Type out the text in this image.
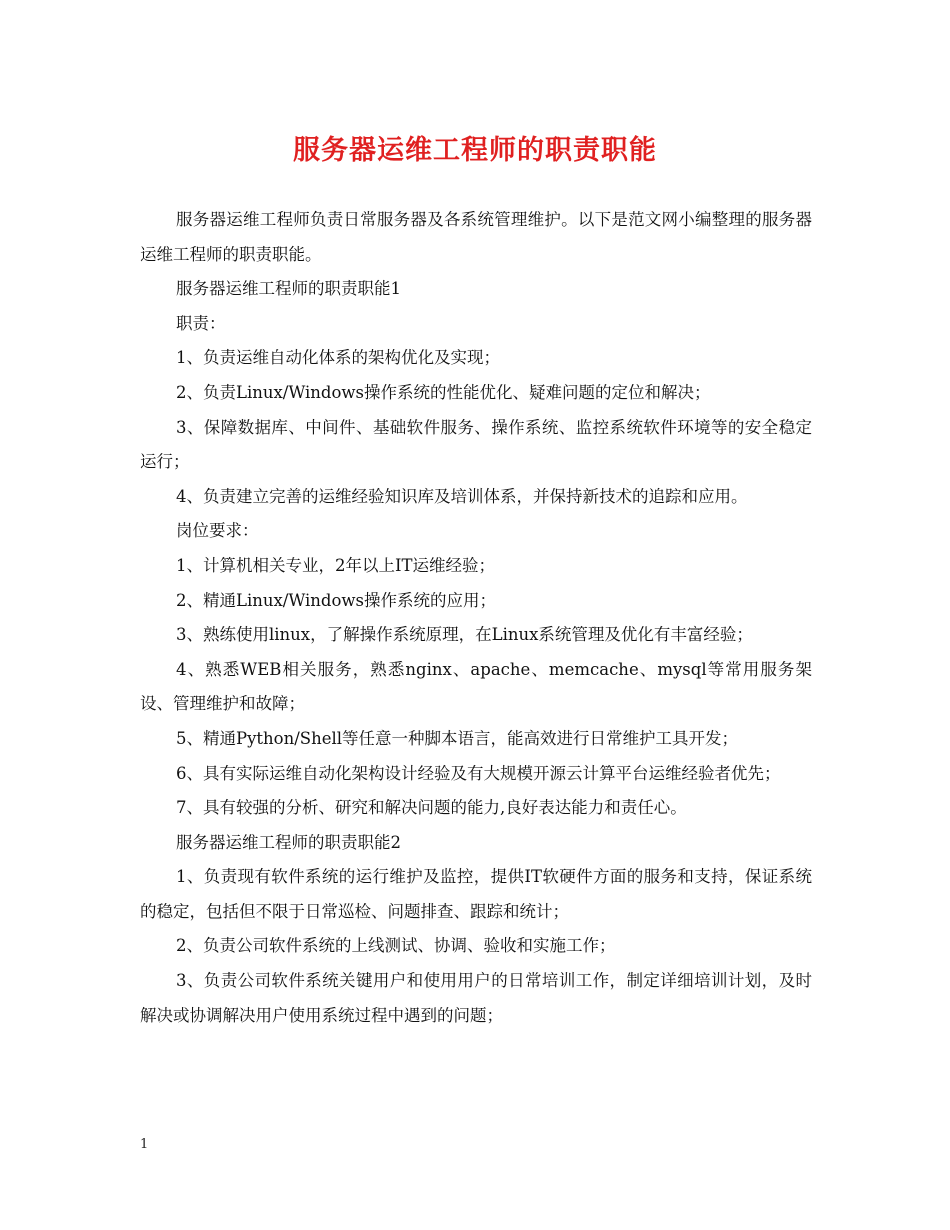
服务器运维工程师的职责职能

服务器运维工程师负责日常服务器及各系统管理维护。以下是范文网小编整理的服务器运维工程师的职责职能。

服务器运维工程师的职责职能1

职责：

1、负责运维自动化体系的架构优化及实现；

2、负责Linux/Windows操作系统的性能优化、疑难问题的定位和解决；

3、保障数据库、中间件、基础软件服务、操作系统、监控系统软件环境等的安全稳定运行；

4、负责建立完善的运维经验知识库及培训体系，并保持新技术的追踪和应用。

岗位要求：

1、计算机相关专业，2年以上IT运维经验；

2、精通Linux/Windows操作系统的应用；

3、熟练使用linux，了解操作系统原理，在Linux系统管理及优化有丰富经验；

4、熟悉WEB相关服务，熟悉nginx、apache、memcache、mysql等常用服务架设、管理维护和故障；

5、精通Python/Shell等任意一种脚本语言，能高效进行日常维护工具开发；

6、具有实际运维自动化架构设计经验及有大规模开源云计算平台运维经验者优先；

7、具有较强的分析、研究和解决问题的能力,良好表达能力和责任心。

服务器运维工程师的职责职能2

1、负责现有软件系统的运行维护及监控，提供IT软硬件方面的服务和支持，保证系统的稳定，包括但不限于日常巡检、问题排查、跟踪和统计；

2、负责公司软件系统的上线测试、协调、验收和实施工作；

3、负责公司软件系统关键用户和使用用户的日常培训工作，制定详细培训计划，及时解决或协调解决用户使用系统过程中遇到的问题；

1
